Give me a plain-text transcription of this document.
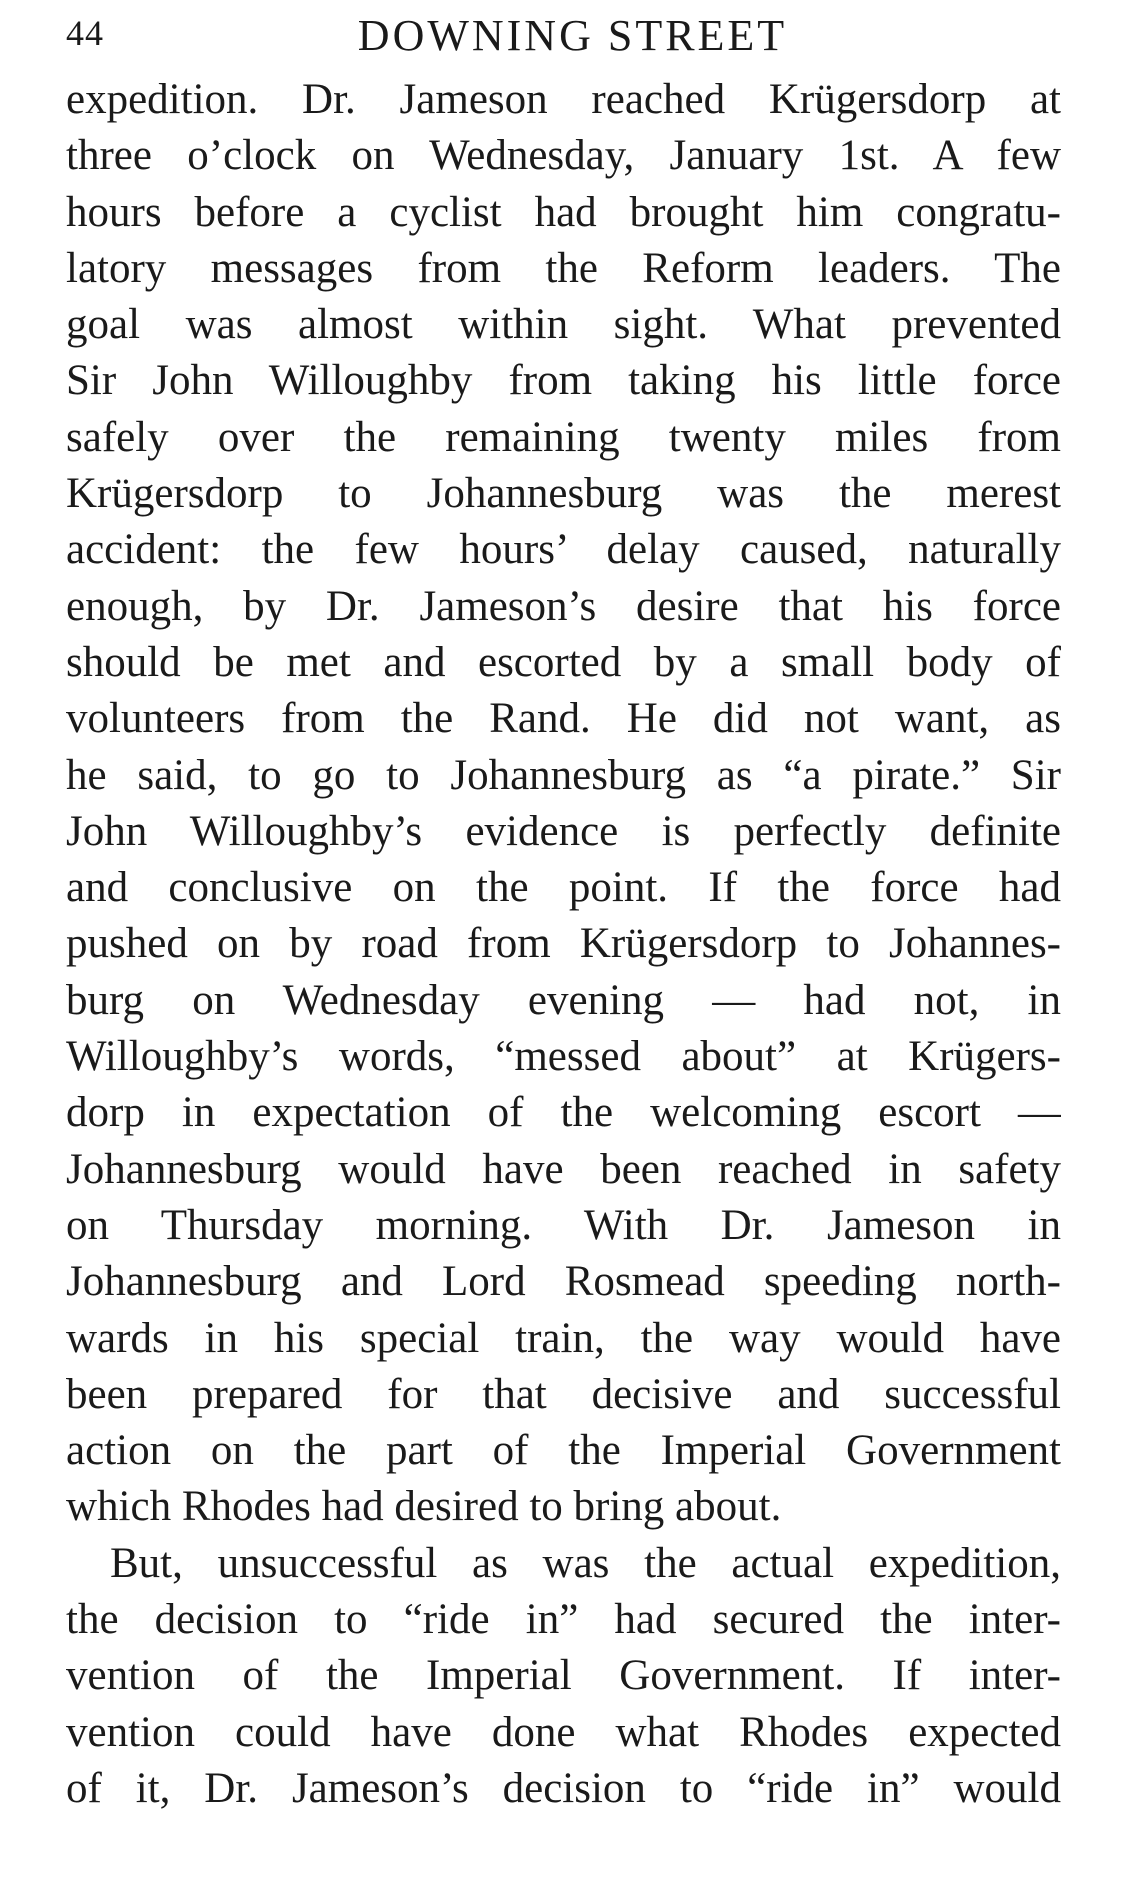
44	DOWNING STREET
expedition. Dr. Jameson reached Krügersdorp at
three o’clock on Wednesday, January 1st. A few
hours before a cyclist had brought him congratu-
latory messages from the Reform leaders. The
goal was almost within sight. What prevented
Sir John Willoughby from taking his little force
safely over the remaining twenty miles from
Krügersdorp to Johannesburg was the merest
accident: the few hours’ delay caused, naturally
enough, by Dr. Jameson’s desire that his force
should be met and escorted by a small body of
volunteers from the Rand. He did not want, as
he said, to go to Johannesburg as “a pirate.” Sir
John Willoughby’s evidence is perfectly definite
and conclusive on the point. If the force had
pushed on by road from Krügersdorp to Johannes-
burg on Wednesday evening — had not, in
Willoughby’s words, “messed about” at Krügers-
dorp in expectation of the welcoming escort —
Johannesburg would have been reached in safety
on Thursday morning. With Dr. Jameson in
Johannesburg and Lord Rosmead speeding north-
wards in his special train, the way would have
been prepared for that decisive and successful
action on the part of the Imperial Government
which Rhodes had desired to bring about.
But, unsuccessful as was the actual expedition,
the decision to “ride in” had secured the inter-
vention of the Imperial Government. If inter-
vention could have done what Rhodes expected
of it, Dr. Jameson’s decision to “ride in” would
